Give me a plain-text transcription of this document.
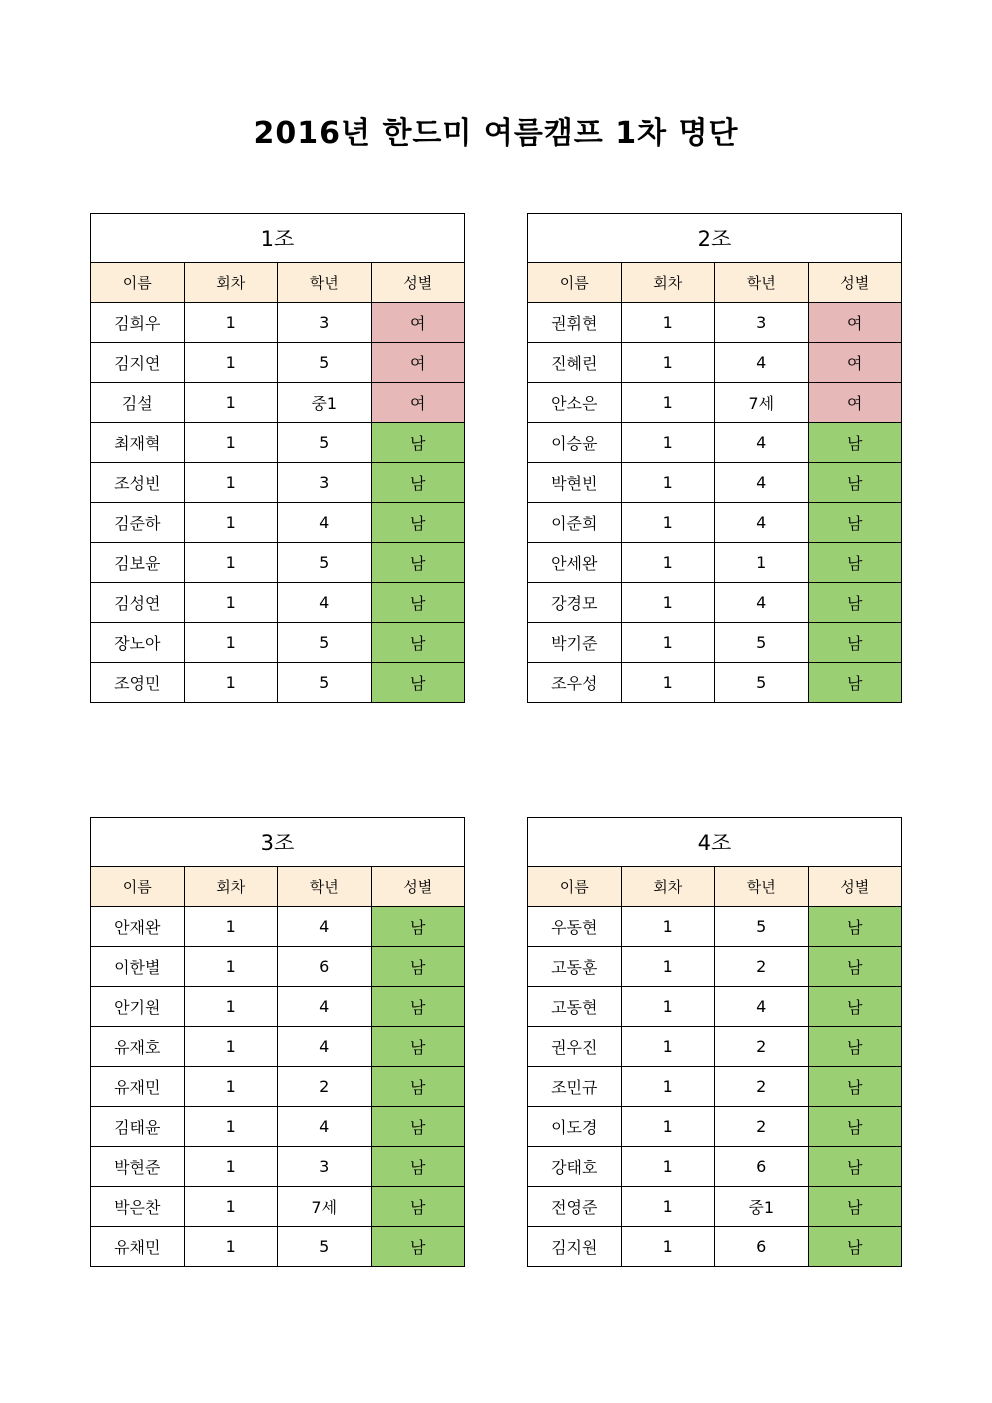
2016년 한드미 여름캠프 1차 명단
1조			
이름	회차	학년	성별
김희우	1	3	여
김지연	1	5	여
김설	1	중1	여
최재혁	1	5	남
조성빈	1	3	남
김준하	1	4	남
김보윤	1	5	남
김성연	1	4	남
장노아	1	5	남
조영민	1	5	남
2조			
이름	회차	학년	성별
권휘현	1	3	여
진혜린	1	4	여
안소은	1	7세	여
이승윤	1	4	남
박현빈	1	4	남
이준희	1	4	남
안세완	1	1	남
강경모	1	4	남
박기준	1	5	남
조우성	1	5	남
3조			
이름	회차	학년	성별
안재완	1	4	남
이한별	1	6	남
안기원	1	4	남
유재호	1	4	남
유재민	1	2	남
김태윤	1	4	남
박현준	1	3	남
박은찬	1	7세	남
유채민	1	5	남
4조			
이름	회차	학년	성별
우동현	1	5	남
고동훈	1	2	남
고동현	1	4	남
권우진	1	2	남
조민규	1	2	남
이도경	1	2	남
강태호	1	6	남
전영준	1	중1	남
김지원	1	6	남
